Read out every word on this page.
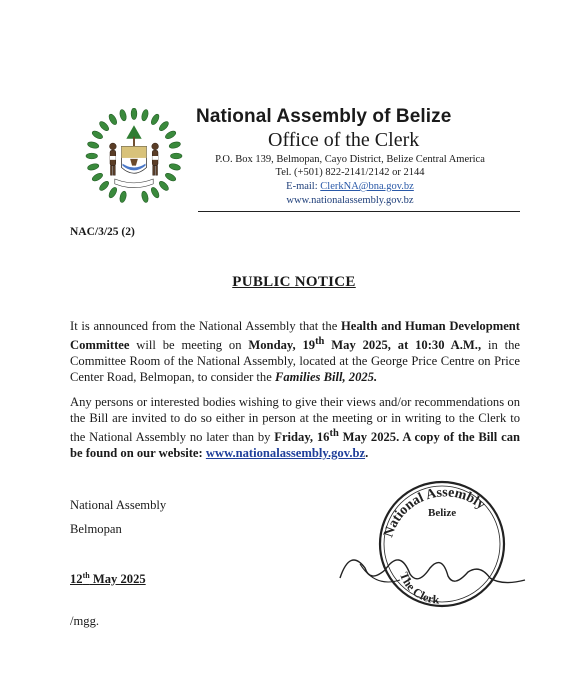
National Assembly of Belize
Office of the Clerk
P.O. Box 139, Belmopan, Cayo District, Belize Central America
Tel. (+501) 822-2141/2142 or 2144
E-mail: ClerkNA@bna.gov.bz
www.nationalassembly.gov.bz
NAC/3/25 (2)
PUBLIC NOTICE
It is announced from the National Assembly that the Health and Human Development Committee will be meeting on Monday, 19th May 2025, at 10:30 A.M., in the Committee Room of the National Assembly, located at the George Price Centre on Price Center Road, Belmopan, to consider the Families Bill, 2025.
Any persons or interested bodies wishing to give their views and/or recommendations on the Bill are invited to do so either in person at the meeting or in writing to the Clerk to the National Assembly no later than by Friday, 16th May 2025. A copy of the Bill can be found on our website: www.nationalassembly.gov.bz.
National Assembly
Belmopan
12th May 2025
/mgg.
National Assembly
Belize
The Clerk
